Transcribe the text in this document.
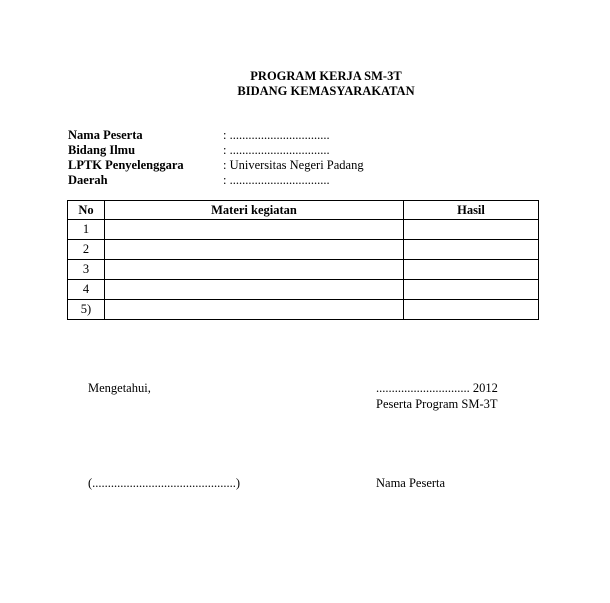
PROGRAM KERJA SM-3T
BIDANG KEMASYARAKATAN
Nama Peserta	: ................................
Bidang Ilmu	: ................................
LPTK Penyelenggara	: Universitas Negeri Padang
Daerah	: ................................
No	Materi kegiatan	Hasil
1		
2		
3		
4		
5)		
Mengetahui,	.............................. 2012
Peserta Program SM-3T
(..............................................)	Nama Peserta
